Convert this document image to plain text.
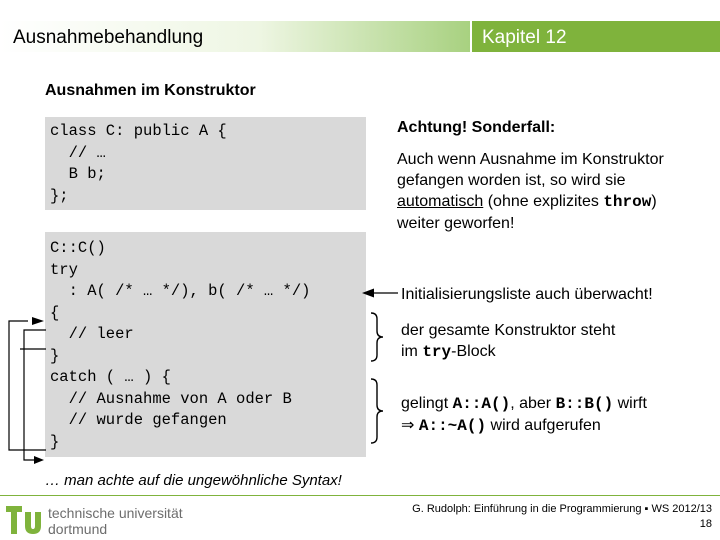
Ausnahmebehandlung	Kapitel 12
Ausnahmen im Konstruktor
class C: public A {
// …
B b;
};
C::C()
try
: A( /* … */), b( /* … */)
{
// leer
}
catch ( … ) {
// Ausnahme von A oder B
// wurde gefangen
}
Achtung! Sonderfall:
Auch wenn Ausnahme im Konstruktor
gefangen worden ist, so wird sie
automatisch (ohne explizites throw)
weiter geworfen!
Initialisierungsliste auch überwacht!
der gesamte Konstruktor steht
im try-Block
gelingt A::A(), aber B::B() wirft
⇒ A::~A() wird aufgerufen
… man achte auf die ungewöhnliche Syntax!
technische universität
dortmund
G. Rudolph: Einführung in die Programmierung ▪ WS 2012/13
18
